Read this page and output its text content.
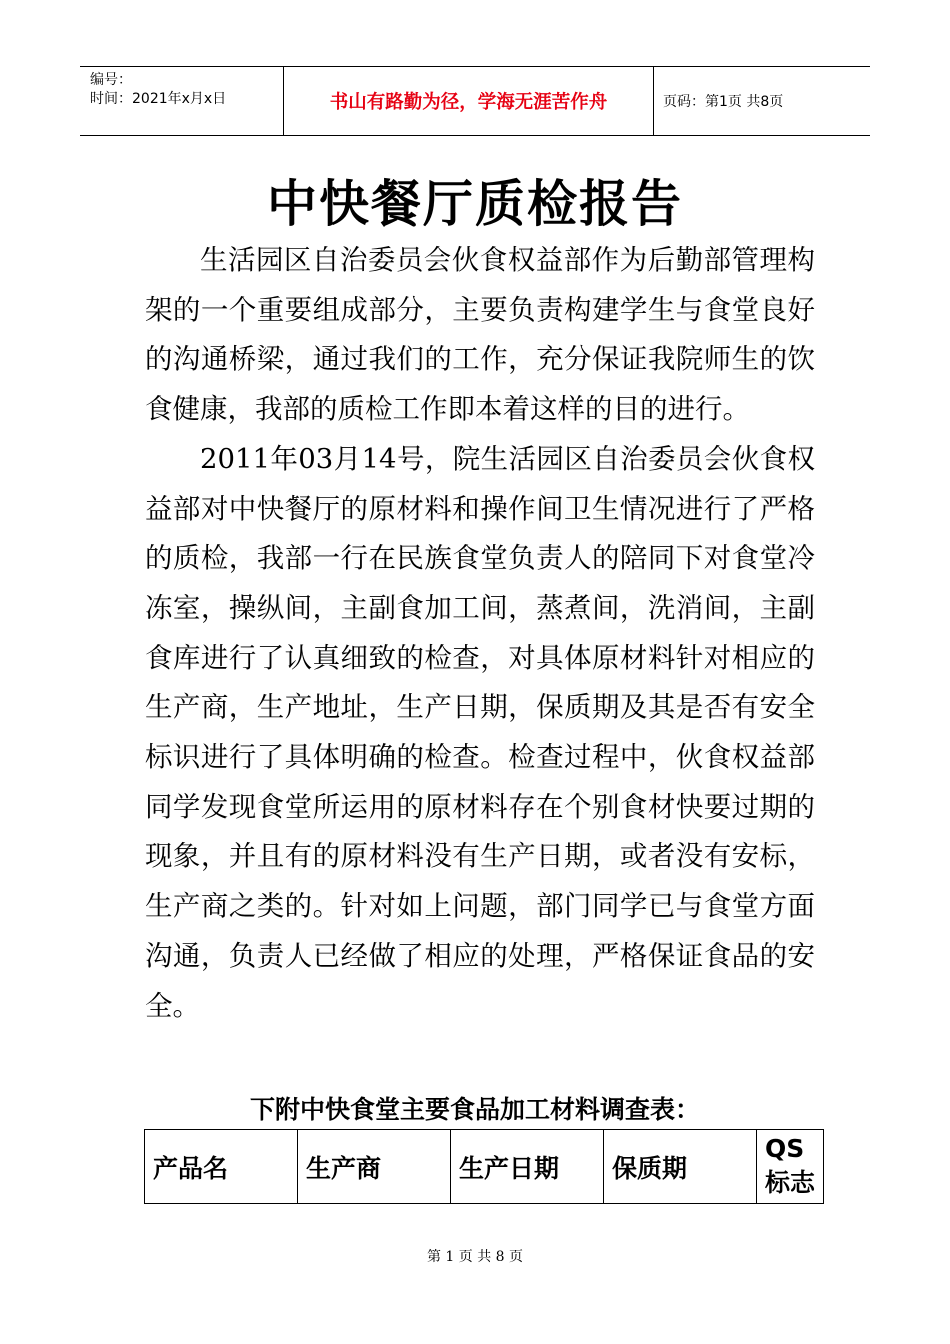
编号：
时间：2021年x月x日	书山有路勤为径，学海无涯苦作舟	页码：第1页 共8页
中快餐厅质检报告

生活园区自治委员会伙食权益部作为后勤部管理构架的一个重要组成部分，主要负责构建学生与食堂良好的沟通桥梁，通过我们的工作，充分保证我院师生的饮食健康，我部的质检工作即本着这样的目的进行。

2011年03月14号，院生活园区自治委员会伙食权益部对中快餐厅的原材料和操作间卫生情况进行了严格的质检，我部一行在民族食堂负责人的陪同下对食堂冷冻室，操纵间，主副食加工间，蒸煮间，洗消间，主副食库进行了认真细致的检查，对具体原材料针对相应的生产商，生产地址，生产日期，保质期及其是否有安全标识进行了具体明确的检查。检查过程中，伙食权益部同学发现食堂所运用的原材料存在个别食材快要过期的现象，并且有的原材料没有生产日期，或者没有安标，生产商之类的。针对如上问题，部门同学已与食堂方面沟通，负责人已经做了相应的处理，严格保证食品的安全。

下附中快食堂主要食品加工材料调查表：
产品名	生产商	生产日期	保质期	QS标志
第 1 页 共 8 页
